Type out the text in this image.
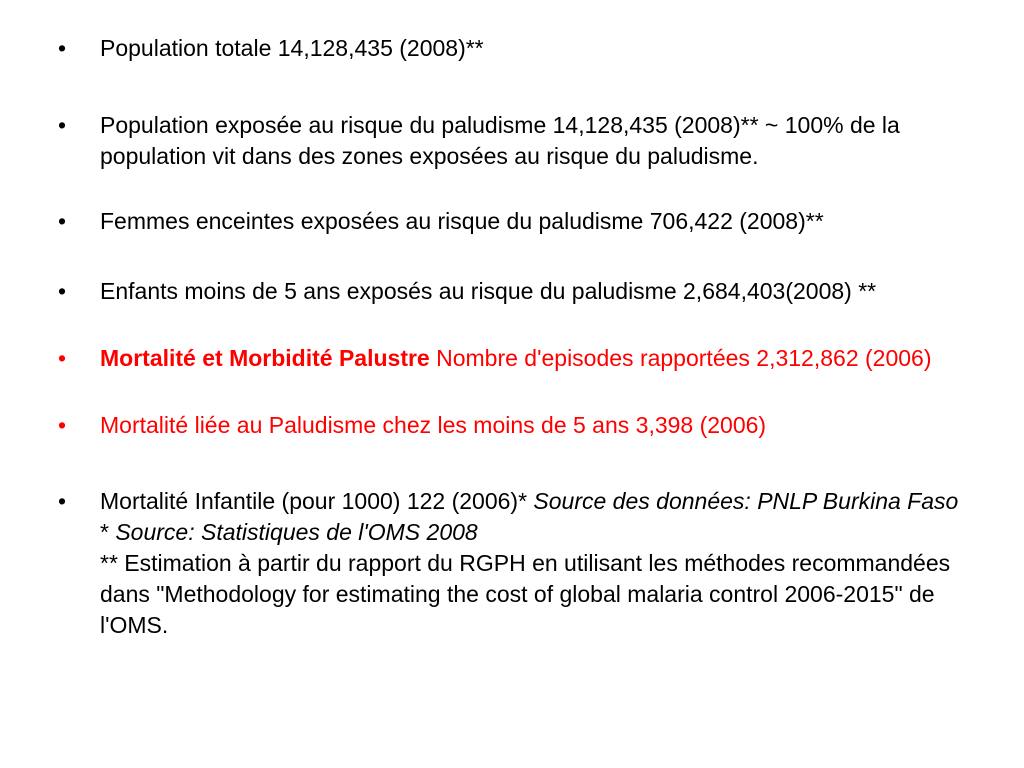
• Population totale 14,128,435 (2008)**
• Population exposée au risque du paludisme 14,128,435 (2008)** ~ 100% de la population vit dans des zones exposées au risque du paludisme.
• Femmes enceintes exposées au risque du paludisme 706,422 (2008)**
• Enfants moins de 5 ans exposés au risque du paludisme 2,684,403(2008) **
• Mortalité et Morbidité Palustre Nombre d'episodes rapportées 2,312,862 (2006)
• Mortalité liée au Paludisme chez les moins de 5 ans 3,398 (2006)
• Mortalité Infantile (pour 1000) 122 (2006)* Source des données: PNLP Burkina Faso
* Source: Statistiques de l'OMS 2008
** Estimation à partir du rapport du RGPH en utilisant les méthodes recommandées dans "Methodology for estimating the cost of global malaria control 2006-2015" de l'OMS.
